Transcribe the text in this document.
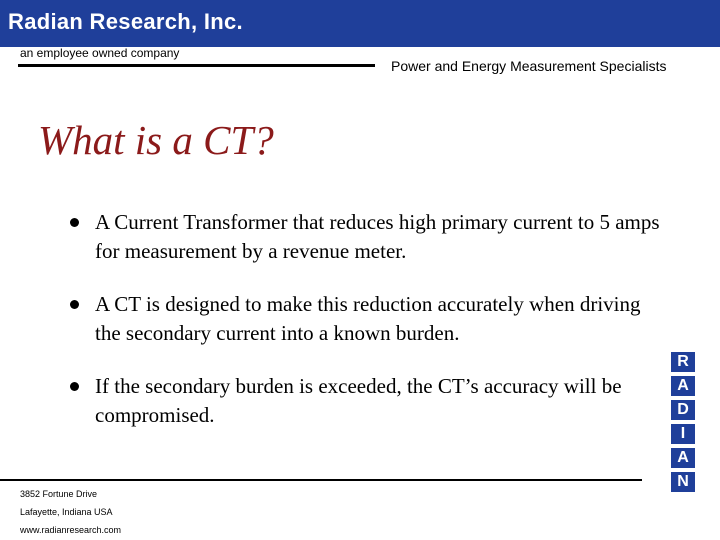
Radian Research, Inc.
an employee owned company
Power and Energy Measurement Specialists
What is a CT?
A Current Transformer that reduces high primary current to 5 amps for measurement by a revenue meter.
A CT is designed to make this reduction accurately when driving the secondary current into a known burden.
If the secondary burden is exceeded, the CT’s accuracy will be compromised.
3852 Fortune Drive
Lafayette, Indiana USA
www.radianresearch.com
R
A
D
I
A
N
